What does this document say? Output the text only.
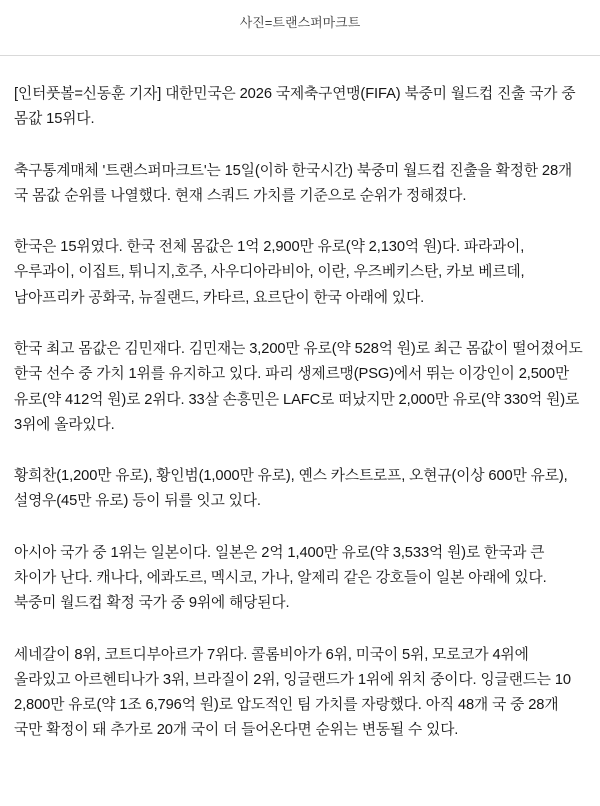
사진=트랜스퍼마크트

[인터풋볼=신동훈 기자] 대한민국은 2026 국제축구연맹(FIFA) 북중미 월드컵 진출 국가 중 몸값 15위다.

축구통계매체 '트랜스퍼마크트'는 15일(이하 한국시간) 북중미 월드컵 진출을 확정한 28개 국 몸값 순위를 나열했다. 현재 스쿼드 가치를 기준으로 순위가 정해졌다.

한국은 15위였다. 한국 전체 몸값은 1억 2,900만 유로(약 2,130억 원)다. 파라과이, 우루과이, 이집트, 튀니지,호주, 사우디아라비아, 이란, 우즈베키스탄, 카보 베르데, 남아프리카 공화국, 뉴질랜드, 카타르, 요르단이 한국 아래에 있다.

한국 최고 몸값은 김민재다. 김민재는 3,200만 유로(약 528억 원)로 최근 몸값이 떨어졌어도 한국 선수 중 가치 1위를 유지하고 있다. 파리 생제르맹(PSG)에서 뛰는 이강인이 2,500만 유로(약 412억 원)로 2위다. 33살 손흥민은 LAFC로 떠났지만 2,000만 유로(약 330억 원)로 3위에 올라있다.

황희찬(1,200만 유로), 황인범(1,000만 유로), 옌스 카스트로프, 오현규(이상 600만 유로), 설영우(45만 유로) 등이 뒤를 잇고 있다.

아시아 국가 중 1위는 일본이다. 일본은 2억 1,400만 유로(약 3,533억 원)로 한국과 큰 차이가 난다. 캐나다, 에콰도르, 멕시코, 가나, 알제리 같은 강호들이 일본 아래에 있다. 북중미 월드컵 확정 국가 중 9위에 해당된다.

세네갈이 8위, 코트디부아르가 7위다. 콜롬비아가 6위, 미국이 5위, 모로코가 4위에 올라있고 아르헨티나가 3위, 브라질이 2위, 잉글랜드가 1위에 위치 중이다. 잉글랜드는 10 2,800만 유로(약 1조 6,796억 원)로 압도적인 팀 가치를 자랑했다. 아직 48개 국 중 28개 국만 확정이 돼 추가로 20개 국이 더 들어온다면 순위는 변동될 수 있다.
